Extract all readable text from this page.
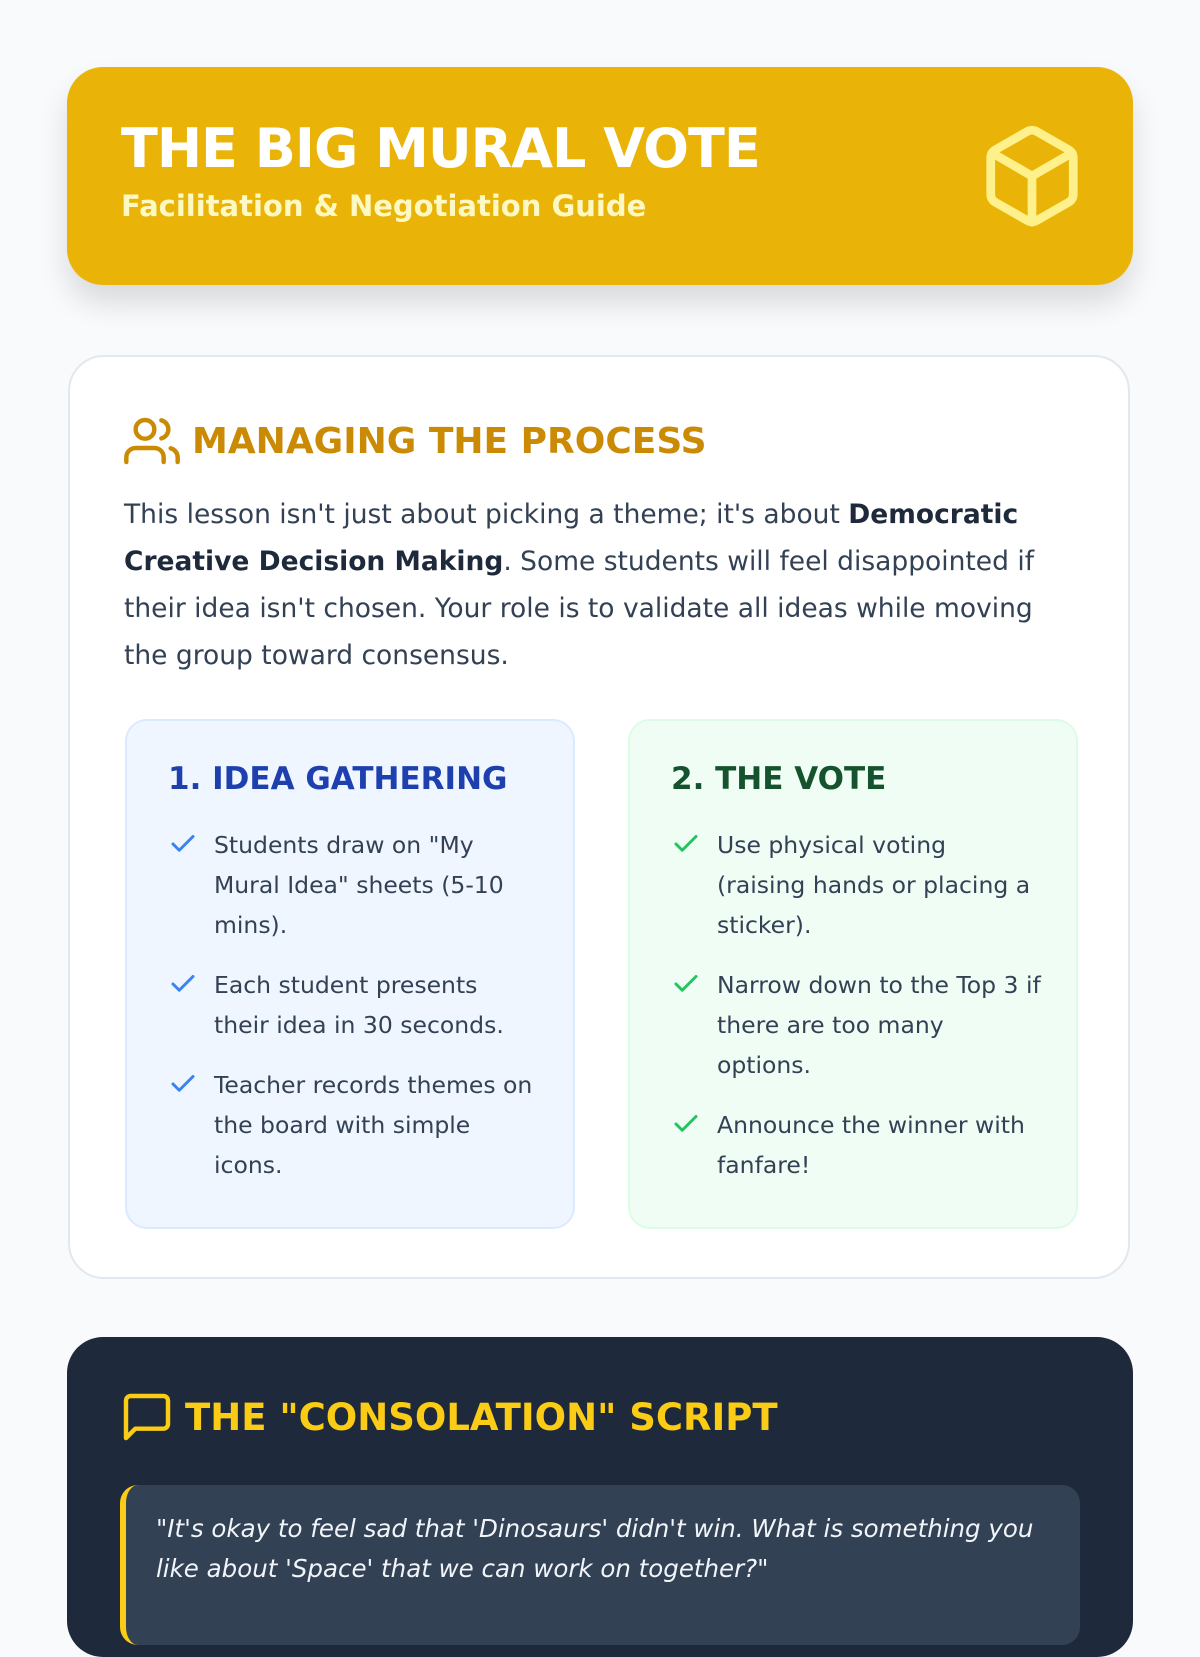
THE BIG MURAL VOTE
Facilitation & Negotiation Guide
MANAGING THE PROCESS

This lesson isn't just about picking a theme; it's about Democratic Creative Decision Making. Some students will feel disappointed if their idea isn't chosen. Your role is to validate all ideas while moving the group toward consensus.

1. IDEA GATHERING
Students draw on "My Mural Idea" sheets (5-10 mins).
Each student presents their idea in 30 seconds.
Teacher records themes on the board with simple icons.
2. THE VOTE
Use physical voting (raising hands or placing a sticker).
Narrow down to the Top 3 if there are too many options.
Announce the winner with fanfare!
THE "CONSOLATION" SCRIPT

"It's okay to feel sad that 'Dinosaurs' didn't win. What is something you like about 'Space' that we can work on together?"
